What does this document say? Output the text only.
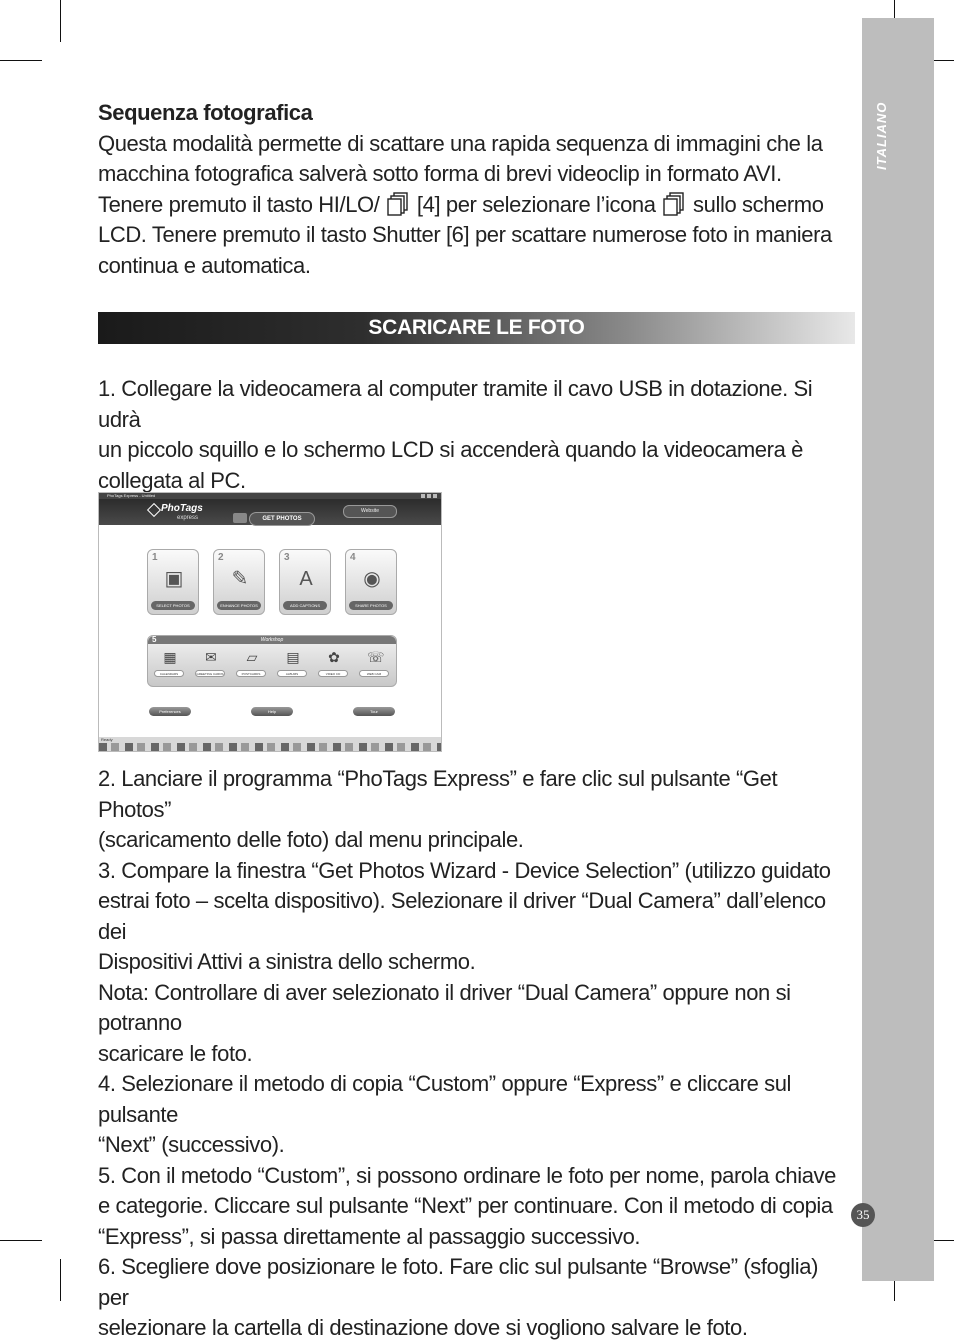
ITALIANO
Sequenza fotografica
Questa modalità permette di scattare una rapida sequenza di immagini che la
macchina fotografica salverà sotto forma di brevi videoclip in formato AVI.
Tenere premuto il tasto HI/LO/ [4] per selezionare l’icona sullo schermo
LCD. Tenere premuto il tasto Shutter [6] per scattare numerose foto in maniera
continua e automatica.
SCARICARE LE FOTO
1. Collegare la videocamera al computer tramite il cavo USB in dotazione. Si udrà
un piccolo squillo e lo schermo LCD si accenderà quando la videocamera è
collegata al PC.
PhoTags Express - Untitled
PhoTags
express	GET PHOTOS
Website
1
▣
SELECT PHOTOS
2
✎
ENHANCE PHOTOS
3
A
ADD CAPTIONS
4
◉
SHARE PHOTOS
5	Workshop
▦
CALENDARS
✉
GREETING CARDS
▱
POSTCARDS
▤
ALBUMS
✿
VIDEO CD
☏
WEB CAM
Preferences	Help	Tour
Ready
2. Lanciare il programma “PhoTags Express” e fare clic sul pulsante “Get Photos”
(scaricamento delle foto) dal menu principale.
3. Compare la finestra “Get Photos Wizard - Device Selection” (utilizzo guidato
estrai foto – scelta dispositivo). Selezionare il driver “Dual Camera” dall’elenco dei
Dispositivi Attivi a sinistra dello schermo.
Nota: Controllare di aver selezionato il driver “Dual Camera” oppure non si potranno
scaricare le foto.
4. Selezionare il metodo di copia “Custom” oppure “Express” e cliccare sul pulsante
“Next” (successivo).
5. Con il metodo “Custom”, si possono ordinare le foto per nome, parola chiave
e categorie. Cliccare sul pulsante “Next” per continuare. Con il metodo di copia
“Express”, si passa direttamente al passaggio successivo.
6. Scegliere dove posizionare le foto. Fare clic sul pulsante “Browse” (sfoglia) per
selezionare la cartella di destinazione dove si vogliono salvare le foto.
35
